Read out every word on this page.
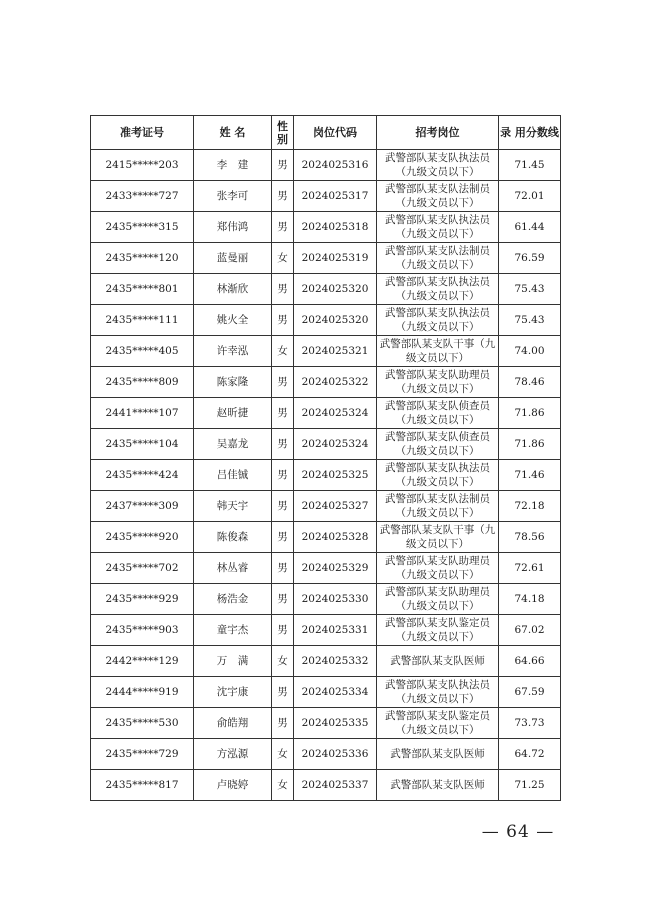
准考证号	姓 名	性别	岗位代码	招考岗位	录 用分数线
2415*****203	李　建	男	2024025316	武警部队某支队执法员（九级文员以下）	71.45
2433*****727	张李可	男	2024025317	武警部队某支队法制员（九级文员以下）	72.01
2435*****315	郑伟鸿	男	2024025318	武警部队某支队执法员（九级文员以下）	61.44
2435*****120	蓝曼丽	女	2024025319	武警部队某支队法制员（九级文员以下）	76.59
2435*****801	林渐欣	男	2024025320	武警部队某支队执法员（九级文员以下）	75.43
2435*****111	姚火全	男	2024025320	武警部队某支队执法员（九级文员以下）	75.43
2435*****405	许幸泓	女	2024025321	武警部队某支队干事（九级文员以下）	74.00
2435*****809	陈家隆	男	2024025322	武警部队某支队助理员（九级文员以下）	78.46
2441*****107	赵昕捷	男	2024025324	武警部队某支队侦查员（九级文员以下）	71.86
2435*****104	吴嘉龙	男	2024025324	武警部队某支队侦查员（九级文员以下）	71.86
2435*****424	吕佳铖	男	2024025325	武警部队某支队执法员（九级文员以下）	71.46
2437*****309	韩天宇	男	2024025327	武警部队某支队法制员（九级文员以下）	72.18
2435*****920	陈俊森	男	2024025328	武警部队某支队干事（九级文员以下）	78.56
2435*****702	林丛睿	男	2024025329	武警部队某支队助理员（九级文员以下）	72.61
2435*****929	杨浩金	男	2024025330	武警部队某支队助理员（九级文员以下）	74.18
2435*****903	童宇杰	男	2024025331	武警部队某支队鉴定员（九级文员以下）	67.02
2442*****129	万　满	女	2024025332	武警部队某支队医师	64.66
2444*****919	沈宇康	男	2024025334	武警部队某支队执法员（九级文员以下）	67.59
2435*****530	俞皓翔	男	2024025335	武警部队某支队鉴定员（九级文员以下）	73.73
2435*****729	方泓源	女	2024025336	武警部队某支队医师	64.72
2435*****817	卢晓婷	女	2024025337	武警部队某支队医师	71.25
— 64 —
